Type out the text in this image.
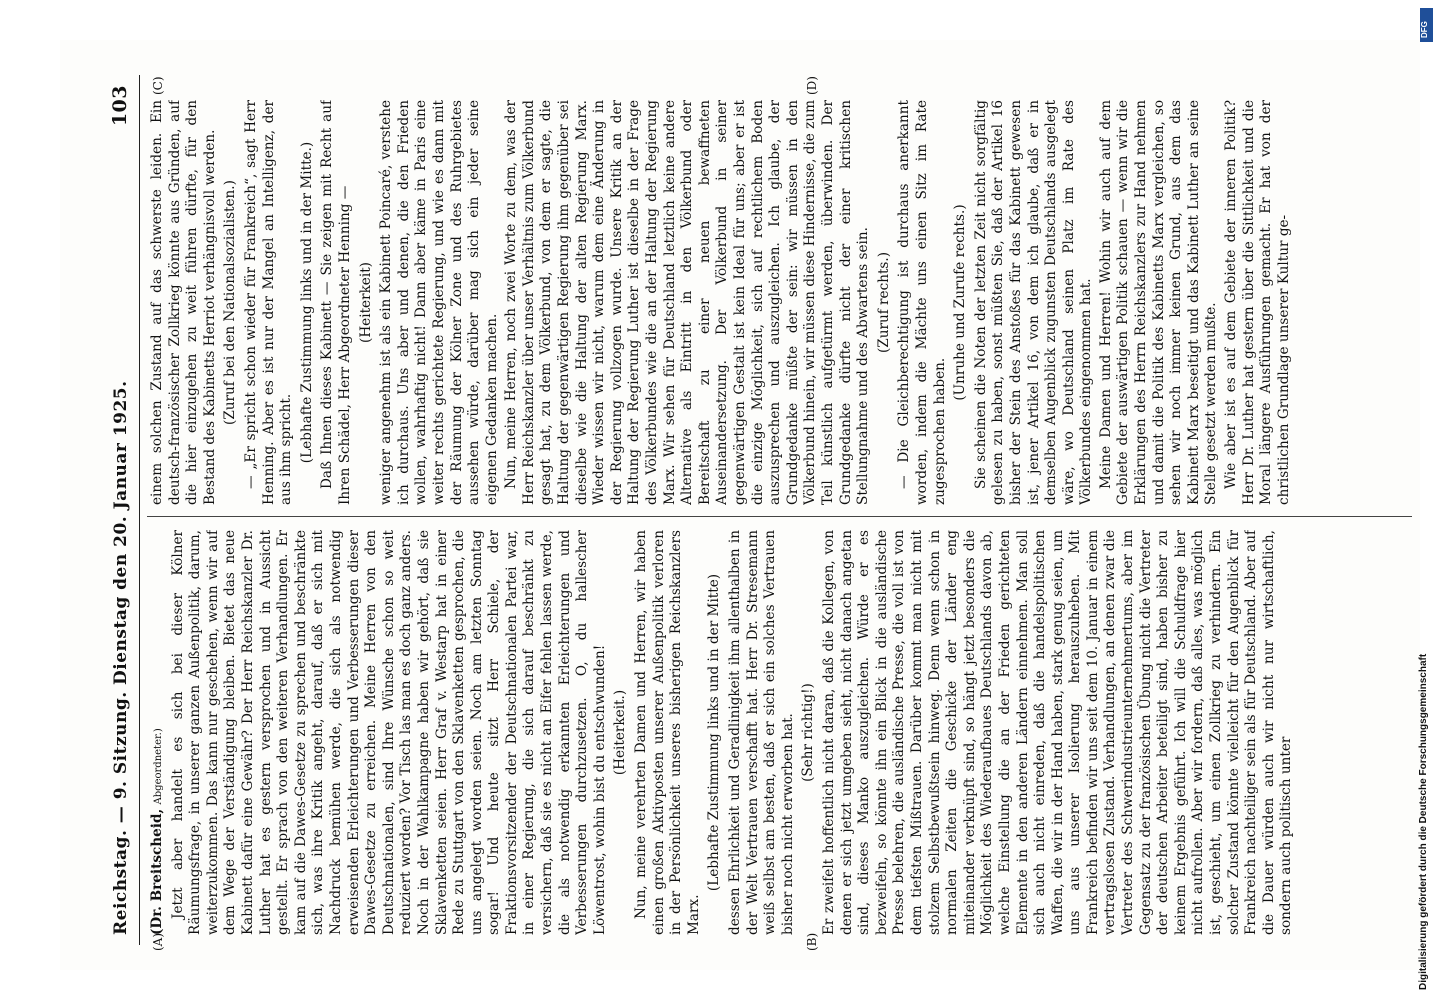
Reichstag. — 9. Sitzung. Dienstag den 20. Januar 1925.
103

(Dr. Breitscheid, Abgeordneter.) Jetzt aber handelt es sich bei dieser Kölner Räumungsfrage, in unserer ganzen Außenpolitik, darum, weiterzukommen. Das kann nur geschehen, wenn wir auf dem Wege der Verständigung bleiben. Bietet das neue Kabinett dafür eine Gewähr? Der Herr Reichskanzler Dr. Luther hat es gestern versprochen und in Aussicht gestellt. Er sprach von den weiteren Verhandlungen. Er kam auf die Dawes-Gesetze zu sprechen und beschränkte sich, was ihre Kritik angeht, darauf, daß er sich mit Nachdruck bemühen werde, die sich als notwendig erweisenden Erleichterungen und Verbesserungen dieser Dawes-Gesetze zu erreichen. Meine Herren von den Deutschnationalen, sind Ihre Wünsche schon so weit reduziert worden? Vor Tisch las man es doch ganz anders. Noch in der Wahlkampagne haben wir gehört, daß sie Sklavenketten seien. Herr Graf v. Westarp hat in einer Rede zu Stuttgart von den Sklavenketten gesprochen, die uns angelegt worden seien. Noch am letzten Sonntag sogar! Und heute sitzt Herr Schiele, der Fraktionsvorsitzender der Deutschnationalen Partei war, in einer Regierung, die sich darauf beschränkt zu versichern, daß sie es nicht an Eifer fehlen lassen werde, die als notwendig erkannten Erleichterungen und Verbesserungen durchzusetzen. O, du hallescher Löwentrost, wohin bist du entschwunden! (Heiterkeit.) Nun, meine verehrten Damen und Herren, wir haben einen großen Aktivposten unserer Außenpolitik verloren in der Persönlichkeit unseres bisherigen Reichskanzlers Marx.

(Lebhafte Zustimmung links und in der Mitte) dessen Ehrlichkeit und Geradlinigkeit ihm allenthalben in der Welt Vertrauen verschafft hat. Herr Dr. Stresemann weiß selbst am besten, daß er sich ein solches Vertrauen bisher noch nicht erworben hat. (Sehr richtig!) Er zweifelt hoffentlich nicht daran, daß die Kollegen, von denen er sich jetzt umgeben sieht, nicht danach angetan sind, dieses Manko auszugleichen. Würde er es bezweifeln, so könnte ihn ein Blick in die ausländische Presse belehren, die ausländische Presse, die voll ist von dem tiefsten Mißtrauen. Darüber kommt man nicht mit stolzem Selbstbewußtsein hinweg. Denn wenn schon in normalen Zeiten die Geschicke der Länder eng miteinander verknüpft sind, so hängt jetzt besonders die Möglichkeit des Wiederaufbaues Deutschlands davon ab, welche Einstellung die an der Frieden gerichteten Elemente in den anderen Ländern einnehmen. Man soll sich auch nicht einreden, daß die handelspolitischen Waffen, die wir in der Hand haben, stark genug seien, um uns aus unserer Isolierung herauszuheben. Mit Frankreich befinden wir uns seit dem 10. Januar in einem vertragslosen Zustand. Verhandlungen, an denen zwar die Vertreter des Schwerindustrieunternehmertums, aber im Gegensatz zu der französischen Übung nicht die Vertreter der deutschen Arbeiter beteiligt sind, haben bisher zu keinem Ergebnis geführt. Ich will die Schuldfrage hier nicht aufrollen. Aber wir fordern, daß alles, was möglich ist, geschieht, um einen Zollkrieg zu verhindern. Ein solcher Zustand könnte vielleicht für den Augenblick für Frankreich nachteiliger sein als für Deutschland. Aber auf die Dauer würden auch wir nicht nur wirtschaftlich, sondern auch politisch unter

einem solchen Zustand auf das schwerste leiden. Ein deutsch-französischer Zollkrieg könnte aus Gründen, auf die hier einzugehen zu weit führen dürfte, für den Bestand des Kabinetts Herriot verhängnisvoll werden. (Zuruf bei den Nationalsozialisten.) — „Er spricht schon wieder für Frankreich“, sagt Herr Henning. Aber es ist nur der Mangel an Intelligenz, der aus ihm spricht. (Lebhafte Zustimmung links und in der Mitte.) Daß Ihnen dieses Kabinett — Sie zeigen mit Recht auf Ihren Schädel, Herr Abgeordneter Henning — (Heiterkeit) weniger angenehm ist als ein Kabinett Poincaré, verstehe ich durchaus. Uns aber und denen, die den Frieden wollen, wahrhaftig nicht! Dann aber käme in Paris eine weiter rechts gerichtete Regierung, und wie es dann mit der Räumung der Kölner Zone und des Ruhrgebietes aussehen würde, darüber mag sich ein jeder seine eigenen Gedanken machen. Nun, meine Herren, noch zwei Worte zu dem, was der Herr Reichskanzler über unser Verhältnis zum Völkerbund gesagt hat, zu dem Völkerbund, von dem er sagte, die Haltung der gegenwärtigen Regierung ihm gegenüber sei dieselbe wie die Haltung der alten Regierung Marx. Wieder wissen wir nicht, warum dem eine Änderung in der Regierung vollzogen wurde. Unsere Kritik an der Haltung der Regierung Luther ist dieselbe in der Frage des Völkerbundes wie die an der Haltung der Regierung Marx. Wir sehen für Deutschland letztlich keine andere Alternative als Eintritt in den Völkerbund oder Bereitschaft zu einer neuen bewaffneten Auseinandersetzung. Der Völkerbund in seiner gegenwärtigen Gestalt ist kein Ideal für uns; aber er ist die einzige Möglichkeit, sich auf rechtlichem Boden auszusprechen und auszugleichen. Ich glaube, der Grundgedanke müßte der sein: wir müssen in den Völkerbund hinein, wir müssen diese Hindernisse, die zum Teil künstlich aufgetürmt werden, überwinden. Der Grundgedanke dürfte nicht der einer kritischen Stellungnahme und des Abwartens sein. (Zuruf rechts.) — Die Gleichberechtigung ist durchaus anerkannt worden, indem die Mächte uns einen Sitz im Rate zugesprochen haben.

(Unruhe und Zurufe rechts.) Sie scheinen die Noten der letzten Zeit nicht sorgfältig gelesen zu haben, sonst müßten Sie, daß der Artikel 16 bisher der Stein des Anstoßes für das Kabinett gewesen ist, jener Artikel 16, von dem ich glaube, daß er in demselben Augenblick zugunsten Deutschlands ausgelegt wäre, wo Deutschland seinen Platz im Rate des Völkerbundes eingenommen hat. Meine Damen und Herren! Wohin wir auch auf dem Gebiete der auswärtigen Politik schauen — wenn wir die Erklärungen des Herrn Reichskanzlers zur Hand nehmen und damit die Politik des Kabinetts Marx vergleichen, so sehen wir noch immer keinen Grund, aus dem das Kabinett Marx beseitigt und das Kabinett Luther an seine Stelle gesetzt werden mußte. Wie aber ist es auf dem Gebiete der inneren Politik? Herr Dr. Luther hat gestern über die Sittlichkeit und die Moral längere Ausführungen gemacht. Er hat von der christlichen Grundlage unserer Kultur ge-

(A)	(B)
(C)	(D)
DFG
Digitalisierung gefördert durch die Deutsche Forschungsgemeinschaft
